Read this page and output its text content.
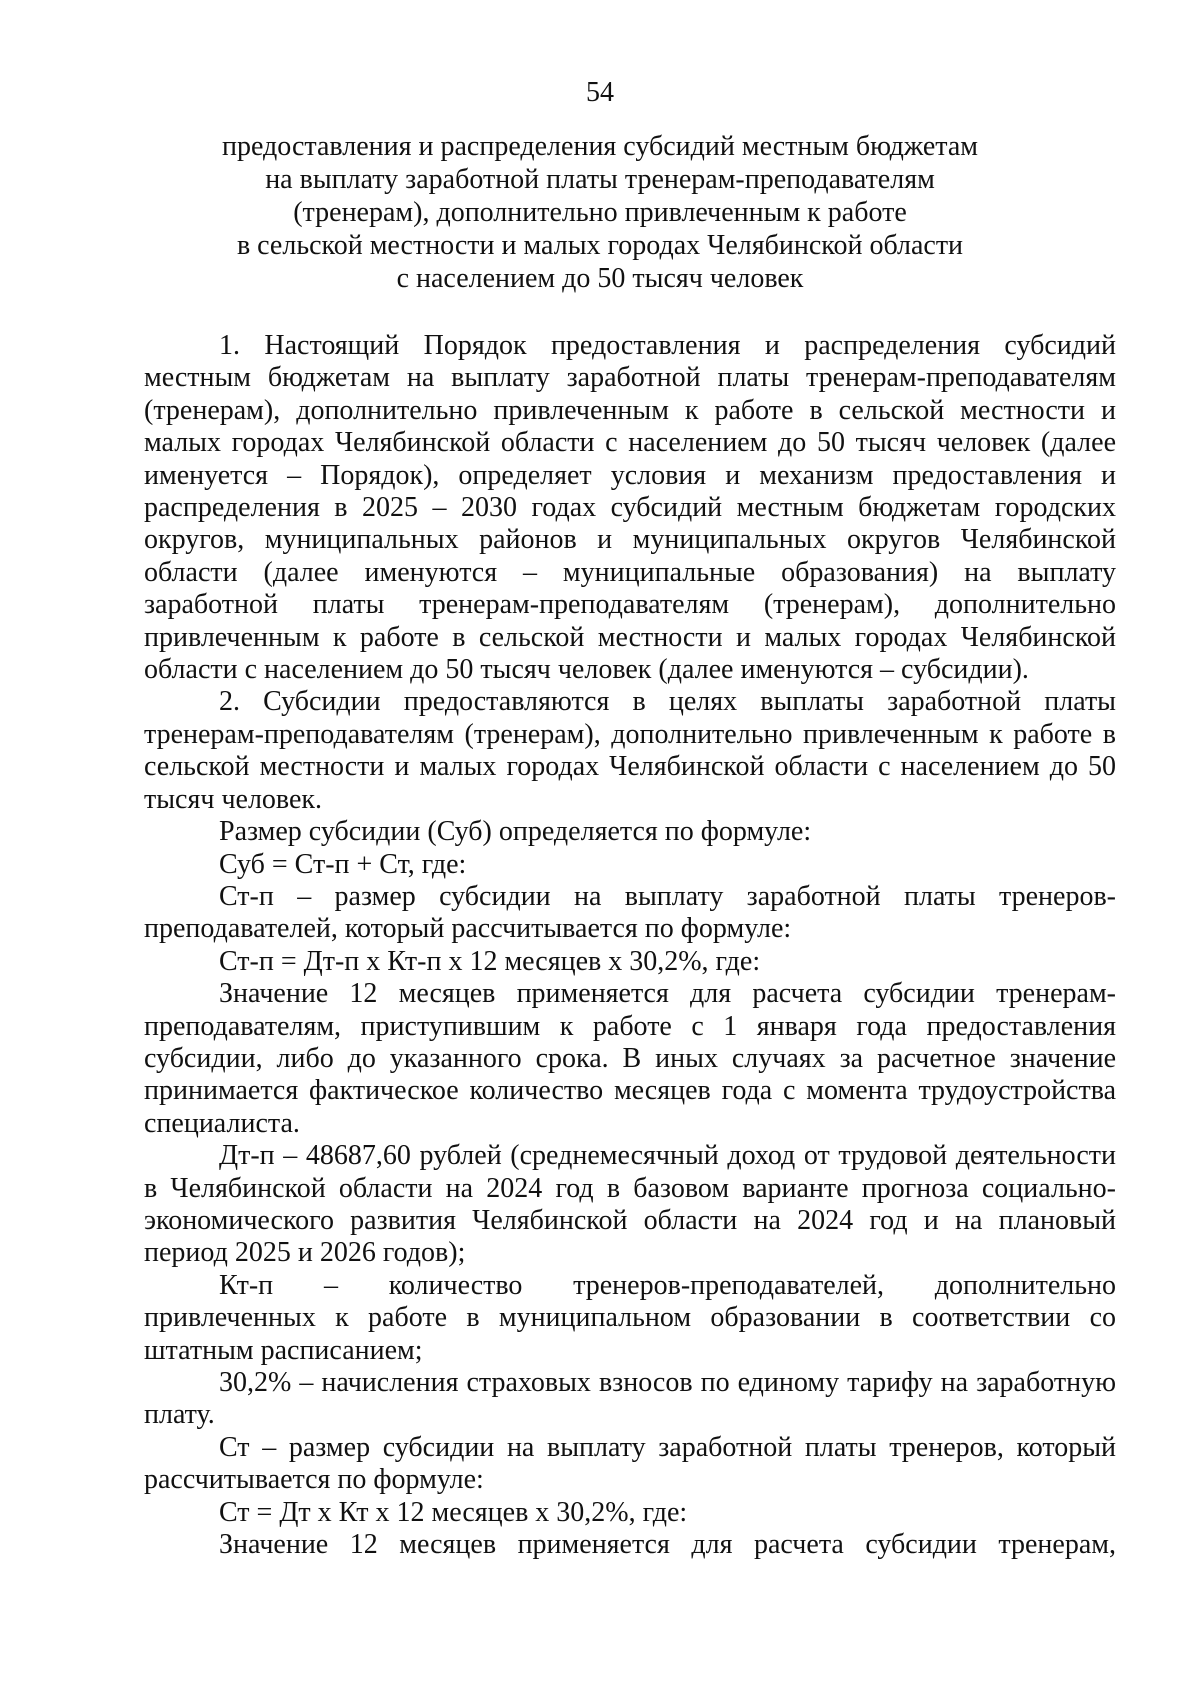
54
предоставления и распределения субсидий местным бюджетам
на выплату заработной платы тренерам-преподавателям
(тренерам), дополнительно привлеченным к работе
в сельской местности и малых городах Челябинской области
с населением до 50 тысяч человек

1. Настоящий Порядок предоставления и распределения субсидий местным бюджетам на выплату заработной платы тренерам-преподавателям (тренерам), дополнительно привлеченным к работе в сельской местности и малых городах Челябинской области с населением до 50 тысяч человек (далее именуется – Порядок), определяет условия и механизм предоставления и распределения в 2025 – 2030 годах субсидий местным бюджетам городских округов, муниципальных районов и муниципальных округов Челябинской области (далее именуются – муниципальные образования) на выплату заработной платы тренерам-преподавателям (тренерам), дополнительно привлеченным к работе в сельской местности и малых городах Челябинской области с населением до 50 тысяч человек (далее именуются – субсидии).

2. Субсидии предоставляются в целях выплаты заработной платы тренерам-преподавателям (тренерам), дополнительно привлеченным к работе в сельской местности и малых городах Челябинской области с населением до 50 тысяч человек.

Размер субсидии (Суб) определяется по формуле:

Суб = Ст-п + Ст, где:

Ст-п – размер субсидии на выплату заработной платы тренеров-преподавателей, который рассчитывается по формуле:

Ст-п = Дт-п х Кт-п х 12 месяцев х 30,2%, где:

Значение 12 месяцев применяется для расчета субсидии тренерам-преподавателям, приступившим к работе с 1 января года предоставления субсидии, либо до указанного срока. В иных случаях за расчетное значение принимается фактическое количество месяцев года с момента трудоустройства специалиста.

Дт-п – 48687,60 рублей (среднемесячный доход от трудовой деятельности в Челябинской области на 2024 год в базовом варианте прогноза социально-экономического развития Челябинской области на 2024 год и на плановый период 2025 и 2026 годов);

Кт-п – количество тренеров-преподавателей, дополнительно привлеченных к работе в муниципальном образовании в соответствии со штатным расписанием;

30,2% – начисления страховых взносов по единому тарифу на заработную плату.

Ст – размер субсидии на выплату заработной платы тренеров, который рассчитывается по формуле:

Ст = Дт х Кт х 12 месяцев х 30,2%, где:

Значение 12 месяцев применяется для расчета субсидии тренерам,
